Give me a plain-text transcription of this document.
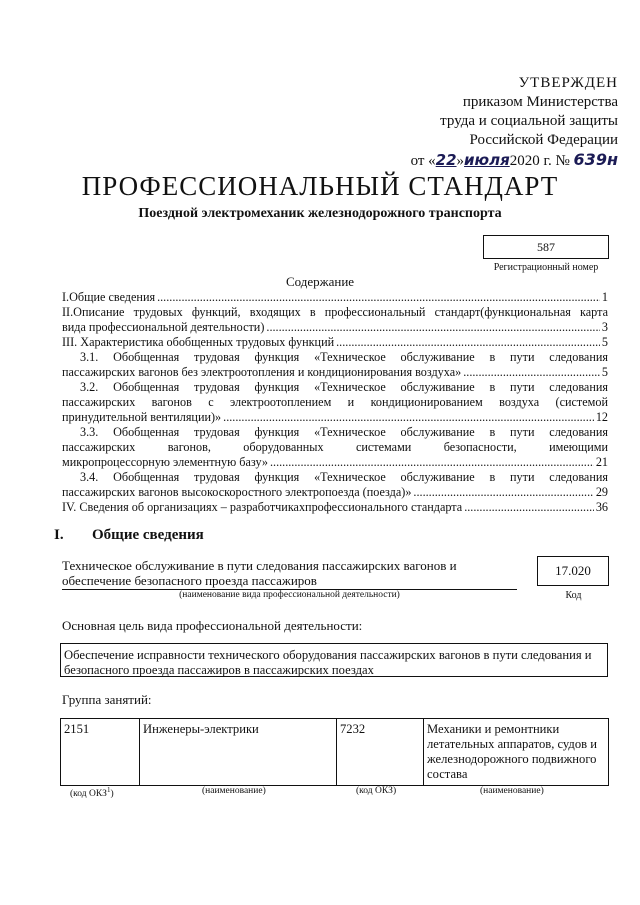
УТВЕРЖДЕН
приказом Министерства
труда и социальной защиты
Российской Федерации
от «22»июля2020 г. № 639н
ПРОФЕССИОНАЛЬНЫЙ СТАНДАРТ
Поездной электромеханик железнодорожного транспорта
587
Регистрационный номер
Содержание
I.Общие сведения .....	1
II.Описание трудовых функций, входящих в профессиональный стандарт(функциональная карта
вида профессиональной деятельности) .....	3
III. Характеристика обобщенных трудовых функций .....	5
3.1. Обобщенная трудовая функция «Техническое обслуживание в пути следования
пассажирских вагонов без электроотопления и кондиционирования воздуха» .....	5
3.2. Обобщенная трудовая функция «Техническое обслуживание в пути следования
пассажирских вагонов с электроотоплением и кондиционированием воздуха (системой
принудительной вентиляции)» .....	12
3.3. Обобщенная трудовая функция «Техническое обслуживание в пути следования
пассажирских вагонов, оборудованных системами безопасности, имеющими
микропроцессорную элементную базу» .....	21
3.4. Обобщенная трудовая функция «Техническое обслуживание в пути следования
пассажирских вагонов высокоскоростного электропоезда (поезда)» .....	29
IV. Сведения об организациях – разработчикахпрофессионального стандарта .....	36
I. Общие сведения
Техническое обслуживание в пути следования пассажирских вагонов и
обеспечение безопасного проезда пассажиров
(наименование вида профессиональной деятельности)
17.020
Код
Основная цель вида профессиональной деятельности:
Обеспечение исправности технического оборудования пассажирских вагонов в пути следования и
безопасного проезда пассажиров в пассажирских поездах
Группа занятий:
2151	Инженеры-электрики	7232	Механики и ремонтники летательных аппаратов, судов и железнодорожного подвижного состава
(код ОКЗ$^1$)	(наименование)	(код ОКЗ)	(наименование)
